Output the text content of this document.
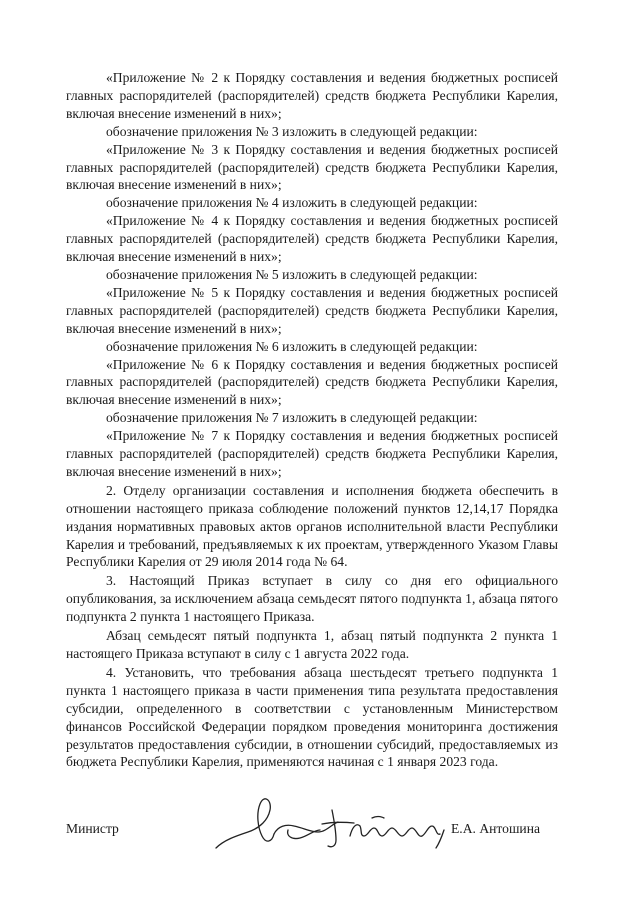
«Приложение № 2 к Порядку составления и ведения бюджетных росписей главных распорядителей (распорядителей) средств бюджета Республики Карелия, включая внесение изменений в них»;

обозначение приложения № 3 изложить в следующей редакции:

«Приложение № 3 к Порядку составления и ведения бюджетных росписей главных распорядителей (распорядителей) средств бюджета Республики Карелия, включая внесение изменений в них»;

обозначение приложения № 4 изложить в следующей редакции:

«Приложение № 4 к Порядку составления и ведения бюджетных росписей главных распорядителей (распорядителей) средств бюджета Республики Карелия, включая внесение изменений в них»;

обозначение приложения № 5 изложить в следующей редакции:

«Приложение № 5 к Порядку составления и ведения бюджетных росписей главных распорядителей (распорядителей) средств бюджета Республики Карелия, включая внесение изменений в них»;

обозначение приложения № 6 изложить в следующей редакции:

«Приложение № 6 к Порядку составления и ведения бюджетных росписей главных распорядителей (распорядителей) средств бюджета Республики Карелия, включая внесение изменений в них»;

обозначение приложения № 7 изложить в следующей редакции:

«Приложение № 7 к Порядку составления и ведения бюджетных росписей главных распорядителей (распорядителей) средств бюджета Республики Карелия, включая внесение изменений в них»;

2. Отделу организации составления и исполнения бюджета обеспечить в отношении настоящего приказа соблюдение положений пунктов 12,14,17 Порядка издания нормативных правовых актов органов исполнительной власти Республики Карелия и требований, предъявляемых к их проектам, утвержденного Указом Главы Республики Карелия от 29 июля 2014 года № 64.

3. Настоящий Приказ вступает в силу со дня его официального опубликования, за исключением абзаца семьдесят пятого подпункта 1, абзаца пятого подпункта 2 пункта 1 настоящего Приказа.

Абзац семьдесят пятый подпункта 1, абзац пятый подпункта 2 пункта 1 настоящего Приказа вступают в силу с 1 августа 2022 года.

4. Установить, что требования абзаца шестьдесят третьего подпункта 1 пункта 1 настоящего приказа в части применения типа результата предоставления субсидии, определенного в соответствии с установленным Министерством финансов Российской Федерации порядком проведения мониторинга достижения результатов предоставления субсидии, в отношении субсидий, предоставляемых из бюджета Республики Карелия, применяются начиная с 1 января 2023 года.

Министр	Е.А. Антошина
